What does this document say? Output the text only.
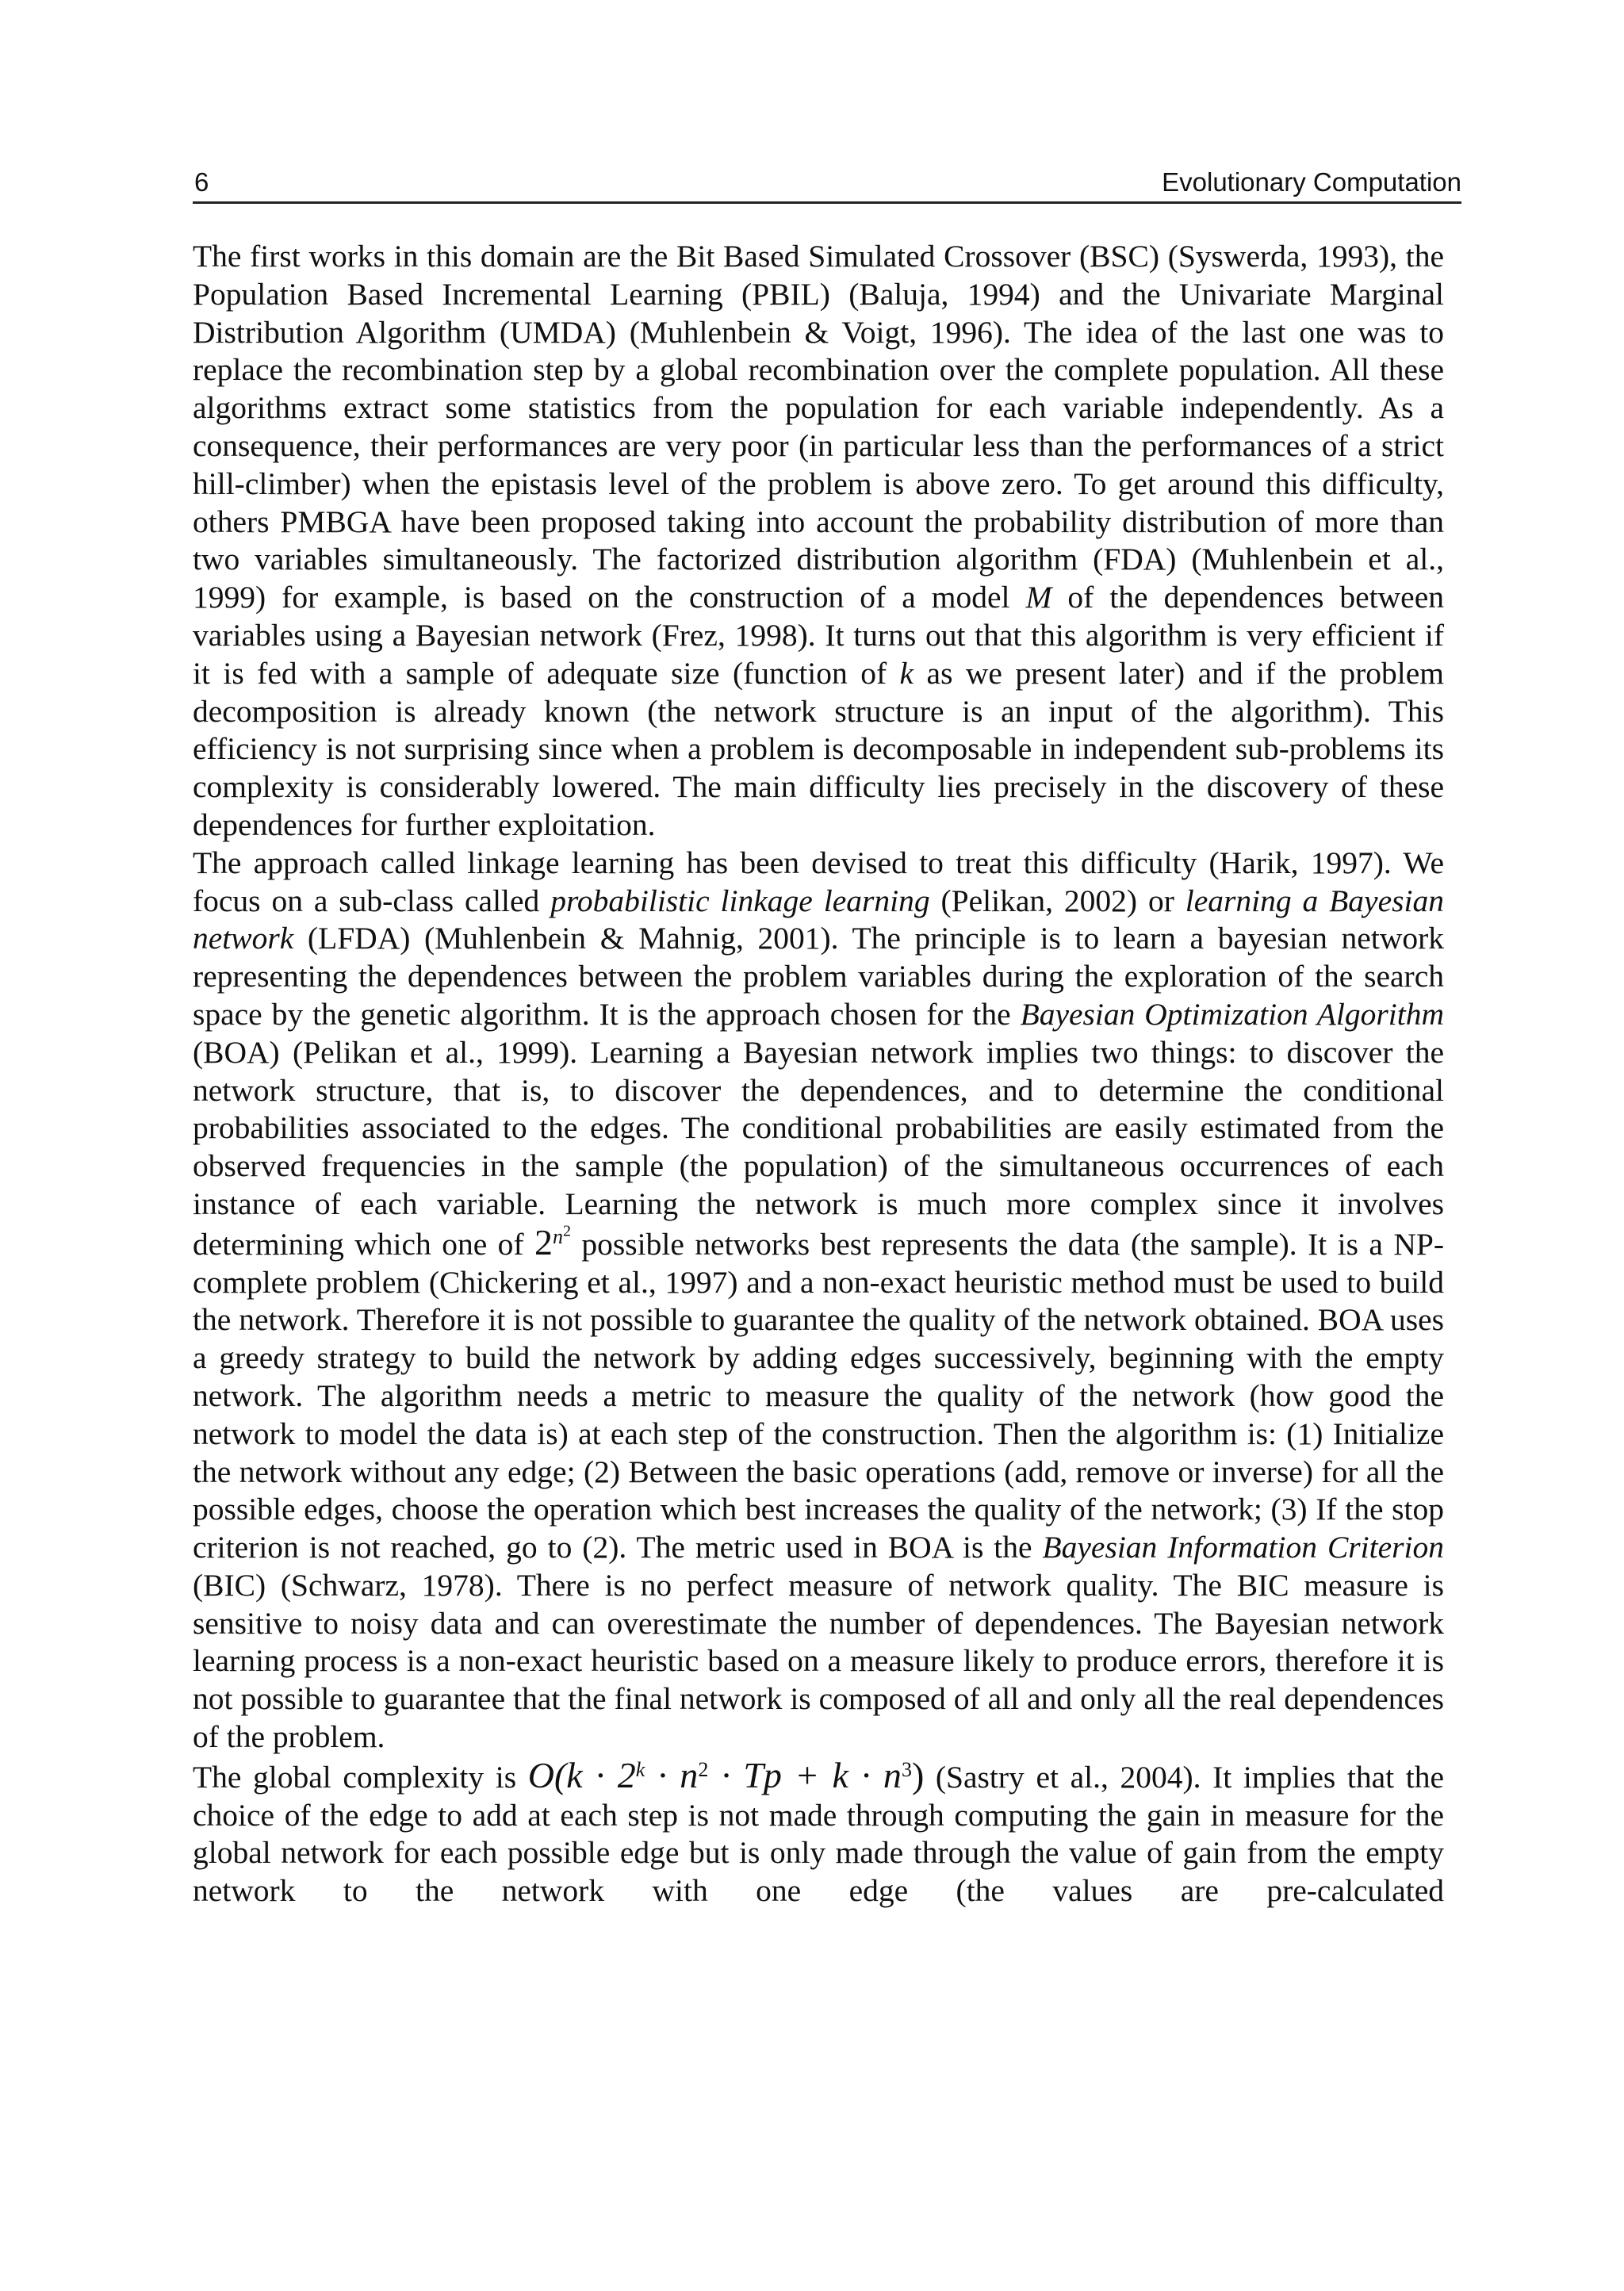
6	Evolutionary Computation

The first works in this domain are the Bit Based Simulated Crossover (BSC) (Syswerda, 1993), the Population Based Incremental Learning (PBIL) (Baluja, 1994) and the Univariate Marginal Distribution Algorithm (UMDA) (Muhlenbein & Voigt, 1996). The idea of the last one was to replace the recombination step by a global recombination over the complete population. All these algorithms extract some statistics from the population for each variable independently. As a consequence, their performances are very poor (in particular less than the performances of a strict hill-climber) when the epistasis level of the problem is above zero. To get around this difficulty, others PMBGA have been proposed taking into account the probability distribution of more than two variables simultaneously. The factorized distribution algorithm (FDA) (Muhlenbein et al., 1999) for example, is based on the construction of a model M of the dependences between variables using a Bayesian network (Frez, 1998). It turns out that this algorithm is very efficient if it is fed with a sample of adequate size (function of k as we present later) and if the problem decomposition is already known (the network structure is an input of the algorithm). This efficiency is not surprising since when a problem is decomposable in independent sub-problems its complexity is considerably lowered. The main difficulty lies precisely in the discovery of these dependences for further exploitation.

The approach called linkage learning has been devised to treat this difficulty (Harik, 1997). We focus on a sub-class called probabilistic linkage learning (Pelikan, 2002) or learning a Bayesian network (LFDA) (Muhlenbein & Mahnig, 2001). The principle is to learn a bayesian network representing the dependences between the problem variables during the exploration of the search space by the genetic algorithm. It is the approach chosen for the Bayesian Optimization Algorithm (BOA) (Pelikan et al., 1999). Learning a Bayesian network implies two things: to discover the network structure, that is, to discover the dependences, and to determine the conditional probabilities associated to the edges. The conditional probabilities are easily estimated from the observed frequencies in the sample (the population) of the simultaneous occurrences of each instance of each variable. Learning the network is much more complex since it involves determining which one of $2^{n^2}$ possible networks best represents the data (the sample). It is a NP-complete problem (Chickering et al., 1997) and a non-exact heuristic method must be used to build the network. Therefore it is not possible to guarantee the quality of the network obtained. BOA uses a greedy strategy to build the network by adding edges successively, beginning with the empty network. The algorithm needs a metric to measure the quality of the network (how good the network to model the data is) at each step of the construction. Then the algorithm is: (1) Initialize the network without any edge; (2) Between the basic operations (add, remove or inverse) for all the possible edges, choose the operation which best increases the quality of the network; (3) If the stop criterion is not reached, go to (2). The metric used in BOA is the Bayesian Information Criterion (BIC) (Schwarz, 1978). There is no perfect measure of network quality. The BIC measure is sensitive to noisy data and can overestimate the number of dependences. The Bayesian network learning process is a non-exact heuristic based on a measure likely to produce errors, therefore it is not possible to guarantee that the final network is composed of all and only all the real dependences of the problem.

The global complexity is $O(k \cdot 2^k \cdot n^2 \cdot Tp + k \cdot n^3)$ (Sastry et al., 2004). It implies that the choice of the edge to add at each step is not made through computing the gain in measure for the global network for each possible edge but is only made through the value of gain from the empty network to the network with one edge (the values are pre-calculated
